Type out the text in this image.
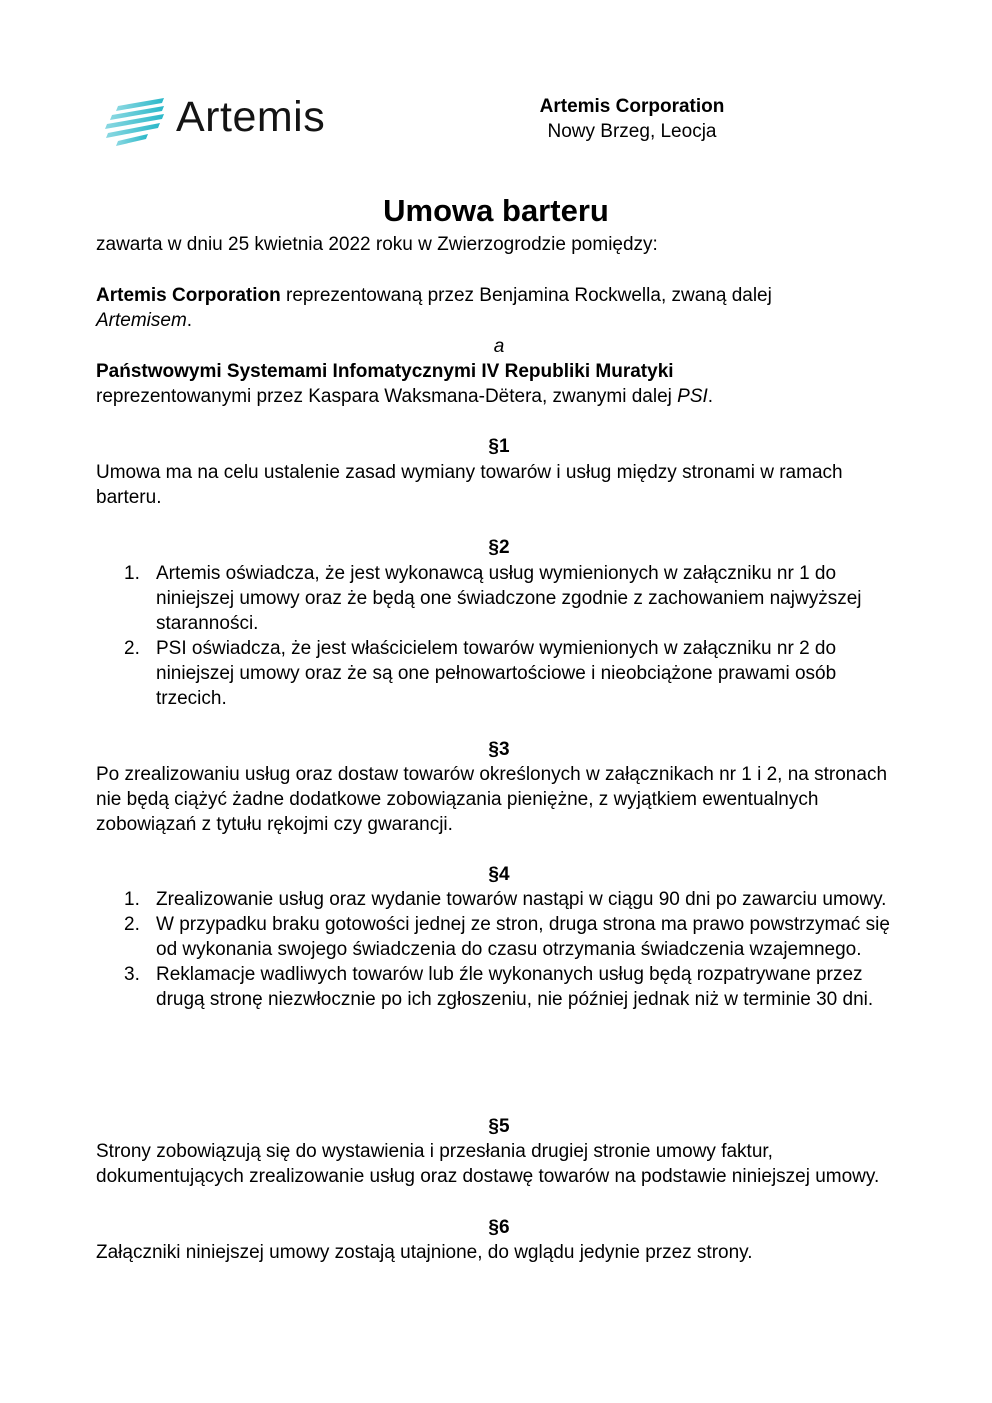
Artemis	Artemis Corporation
Nowy Brzeg, Leocja
Umowa barteru
zawarta w dniu 25 kwietnia 2022 roku w Zwierzogrodzie pomiędzy:
Artemis Corporation reprezentowaną przez Benjamina Rockwella, zwaną dalej
Artemisem.
a
Państwowymi Systemami Infomatycznymi IV Republiki Muratyki
reprezentowanymi przez Kaspara Waksmana-Dëtera, zwanymi dalej PSI.
§1
Umowa ma na celu ustalenie zasad wymiany towarów i usług między stronami w ramach barteru.
§2
1. Artemis oświadcza, że jest wykonawcą usług wymienionych w załączniku nr 1 do niniejszej umowy oraz że będą one świadczone zgodnie z zachowaniem najwyższej staranności.
2. PSI oświadcza, że jest właścicielem towarów wymienionych w załączniku nr 2 do niniejszej umowy oraz że są one pełnowartościowe i nieobciążone prawami osób trzecich.
§3
Po zrealizowaniu usług oraz dostaw towarów określonych w załącznikach nr 1 i 2, na stronach nie będą ciążyć żadne dodatkowe zobowiązania pieniężne, z wyjątkiem ewentualnych zobowiązań z tytułu rękojmi czy gwarancji.
§4
1. Zrealizowanie usług oraz wydanie towarów nastąpi w ciągu 90 dni po zawarciu umowy.
2. W przypadku braku gotowości jednej ze stron, druga strona ma prawo powstrzymać się od wykonania swojego świadczenia do czasu otrzymania świadczenia wzajemnego.
3. Reklamacje wadliwych towarów lub źle wykonanych usług będą rozpatrywane przez drugą stronę niezwłocznie po ich zgłoszeniu, nie później jednak niż w terminie 30 dni.
§5
Strony zobowiązują się do wystawienia i przesłania drugiej stronie umowy faktur, dokumentujących zrealizowanie usług oraz dostawę towarów na podstawie niniejszej umowy.
§6
Załączniki niniejszej umowy zostają utajnione, do wglądu jedynie przez strony.
